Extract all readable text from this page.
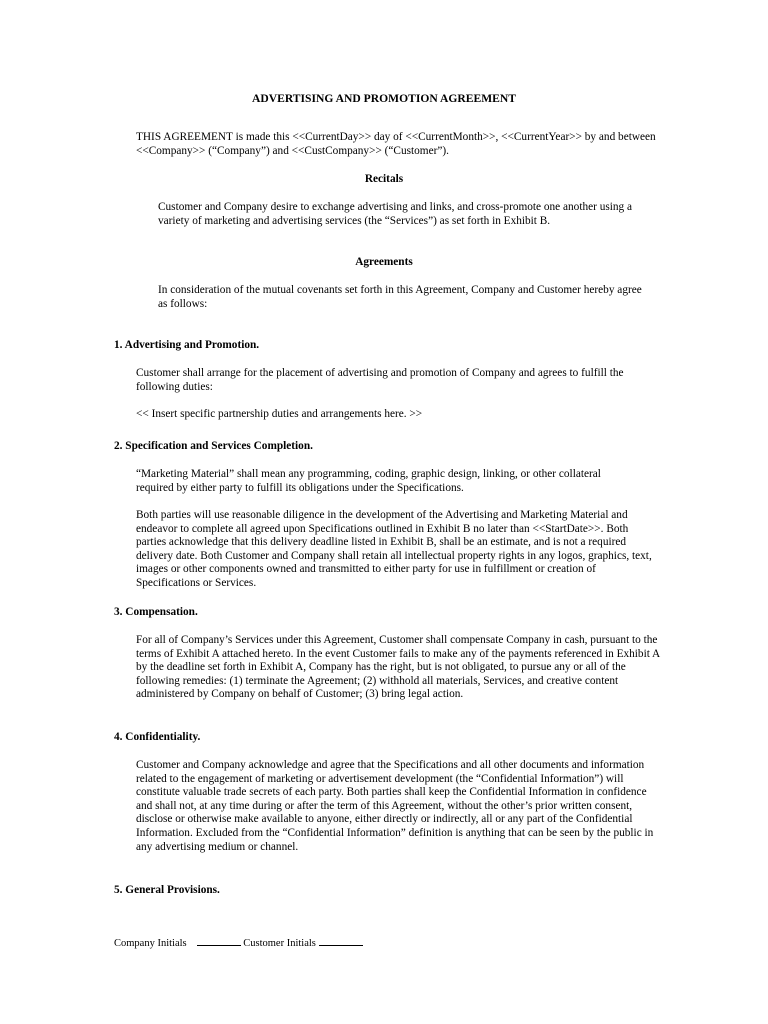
ADVERTISING AND PROMOTION AGREEMENT

THIS AGREEMENT is made this <<CurrentDay>> day of <<CurrentMonth>>, <<CurrentYear>> by and between <<Company>> (“Company”) and <<CustCompany>> (“Customer”).

Recitals

Customer and Company desire to exchange advertising and links, and cross-promote one another using a variety of marketing and advertising services (the “Services”) as set forth in Exhibit B.

Agreements

In consideration of the mutual covenants set forth in this Agreement, Company and Customer hereby agree as follows:

1. Advertising and Promotion.

Customer shall arrange for the placement of advertising and promotion of Company and agrees to fulfill the following duties:

<< Insert specific partnership duties and arrangements here. >>

2. Specification and Services Completion.

“Marketing Material” shall mean any programming, coding, graphic design, linking, or other collateral required by either party to fulfill its obligations under the Specifications.

Both parties will use reasonable diligence in the development of the Advertising and Marketing Material and endeavor to complete all agreed upon Specifications outlined in Exhibit B no later than <<StartDate>>. Both parties acknowledge that this delivery deadline listed in Exhibit B, shall be an estimate, and is not a required delivery date. Both Customer and Company shall retain all intellectual property rights in any logos, graphics, text, images or other components owned and transmitted to either party for use in fulfillment or creation of Specifications or Services.

3. Compensation.

For all of Company’s Services under this Agreement, Customer shall compensate Company in cash, pursuant to the terms of Exhibit A attached hereto. In the event Customer fails to make any of the payments referenced in Exhibit A by the deadline set forth in Exhibit A, Company has the right, but is not obligated, to pursue any or all of the following remedies: (1) terminate the Agreement; (2) withhold all materials, Services, and creative content administered by Company on behalf of Customer; (3) bring legal action.

4. Confidentiality.

Customer and Company acknowledge and agree that the Specifications and all other documents and information related to the engagement of marketing or advertisement development (the “Confidential Information”) will constitute valuable trade secrets of each party. Both parties shall keep the Confidential Information in confidence and shall not, at any time during or after the term of this Agreement, without the other’s prior written consent, disclose or otherwise make available to anyone, either directly or indirectly, all or any part of the Confidential Information. Excluded from the “Confidential Information” definition is anything that can be seen by the public in any advertising medium or channel.

5. General Provisions.

Company Initials	Customer Initials
